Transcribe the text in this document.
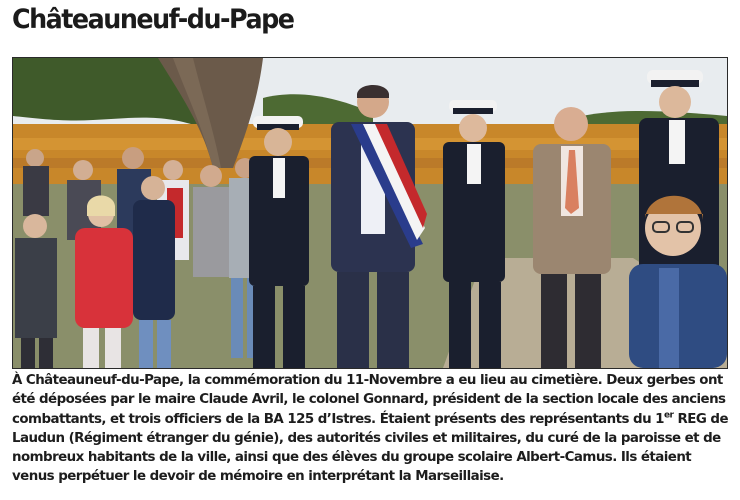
Châteauneuf-du-Pape

À Châteauneuf-du-Pape, la commémoration du 11-Novembre a eu lieu au cimetière. Deux gerbes ont été déposées par le maire Claude Avril, le colonel Gonnard, président de la section locale des anciens combattants, et trois officiers de la BA 125 d’Istres. Étaient présents des représentants du 1er REG de Laudun (Régiment étranger du génie), des autorités civiles et militaires, du curé de la paroisse et de nombreux habitants de la ville, ainsi que des élèves du groupe scolaire Albert-Camus. Ils étaient venus perpétuer le devoir de mémoire en interprétant la Marseillaise.
